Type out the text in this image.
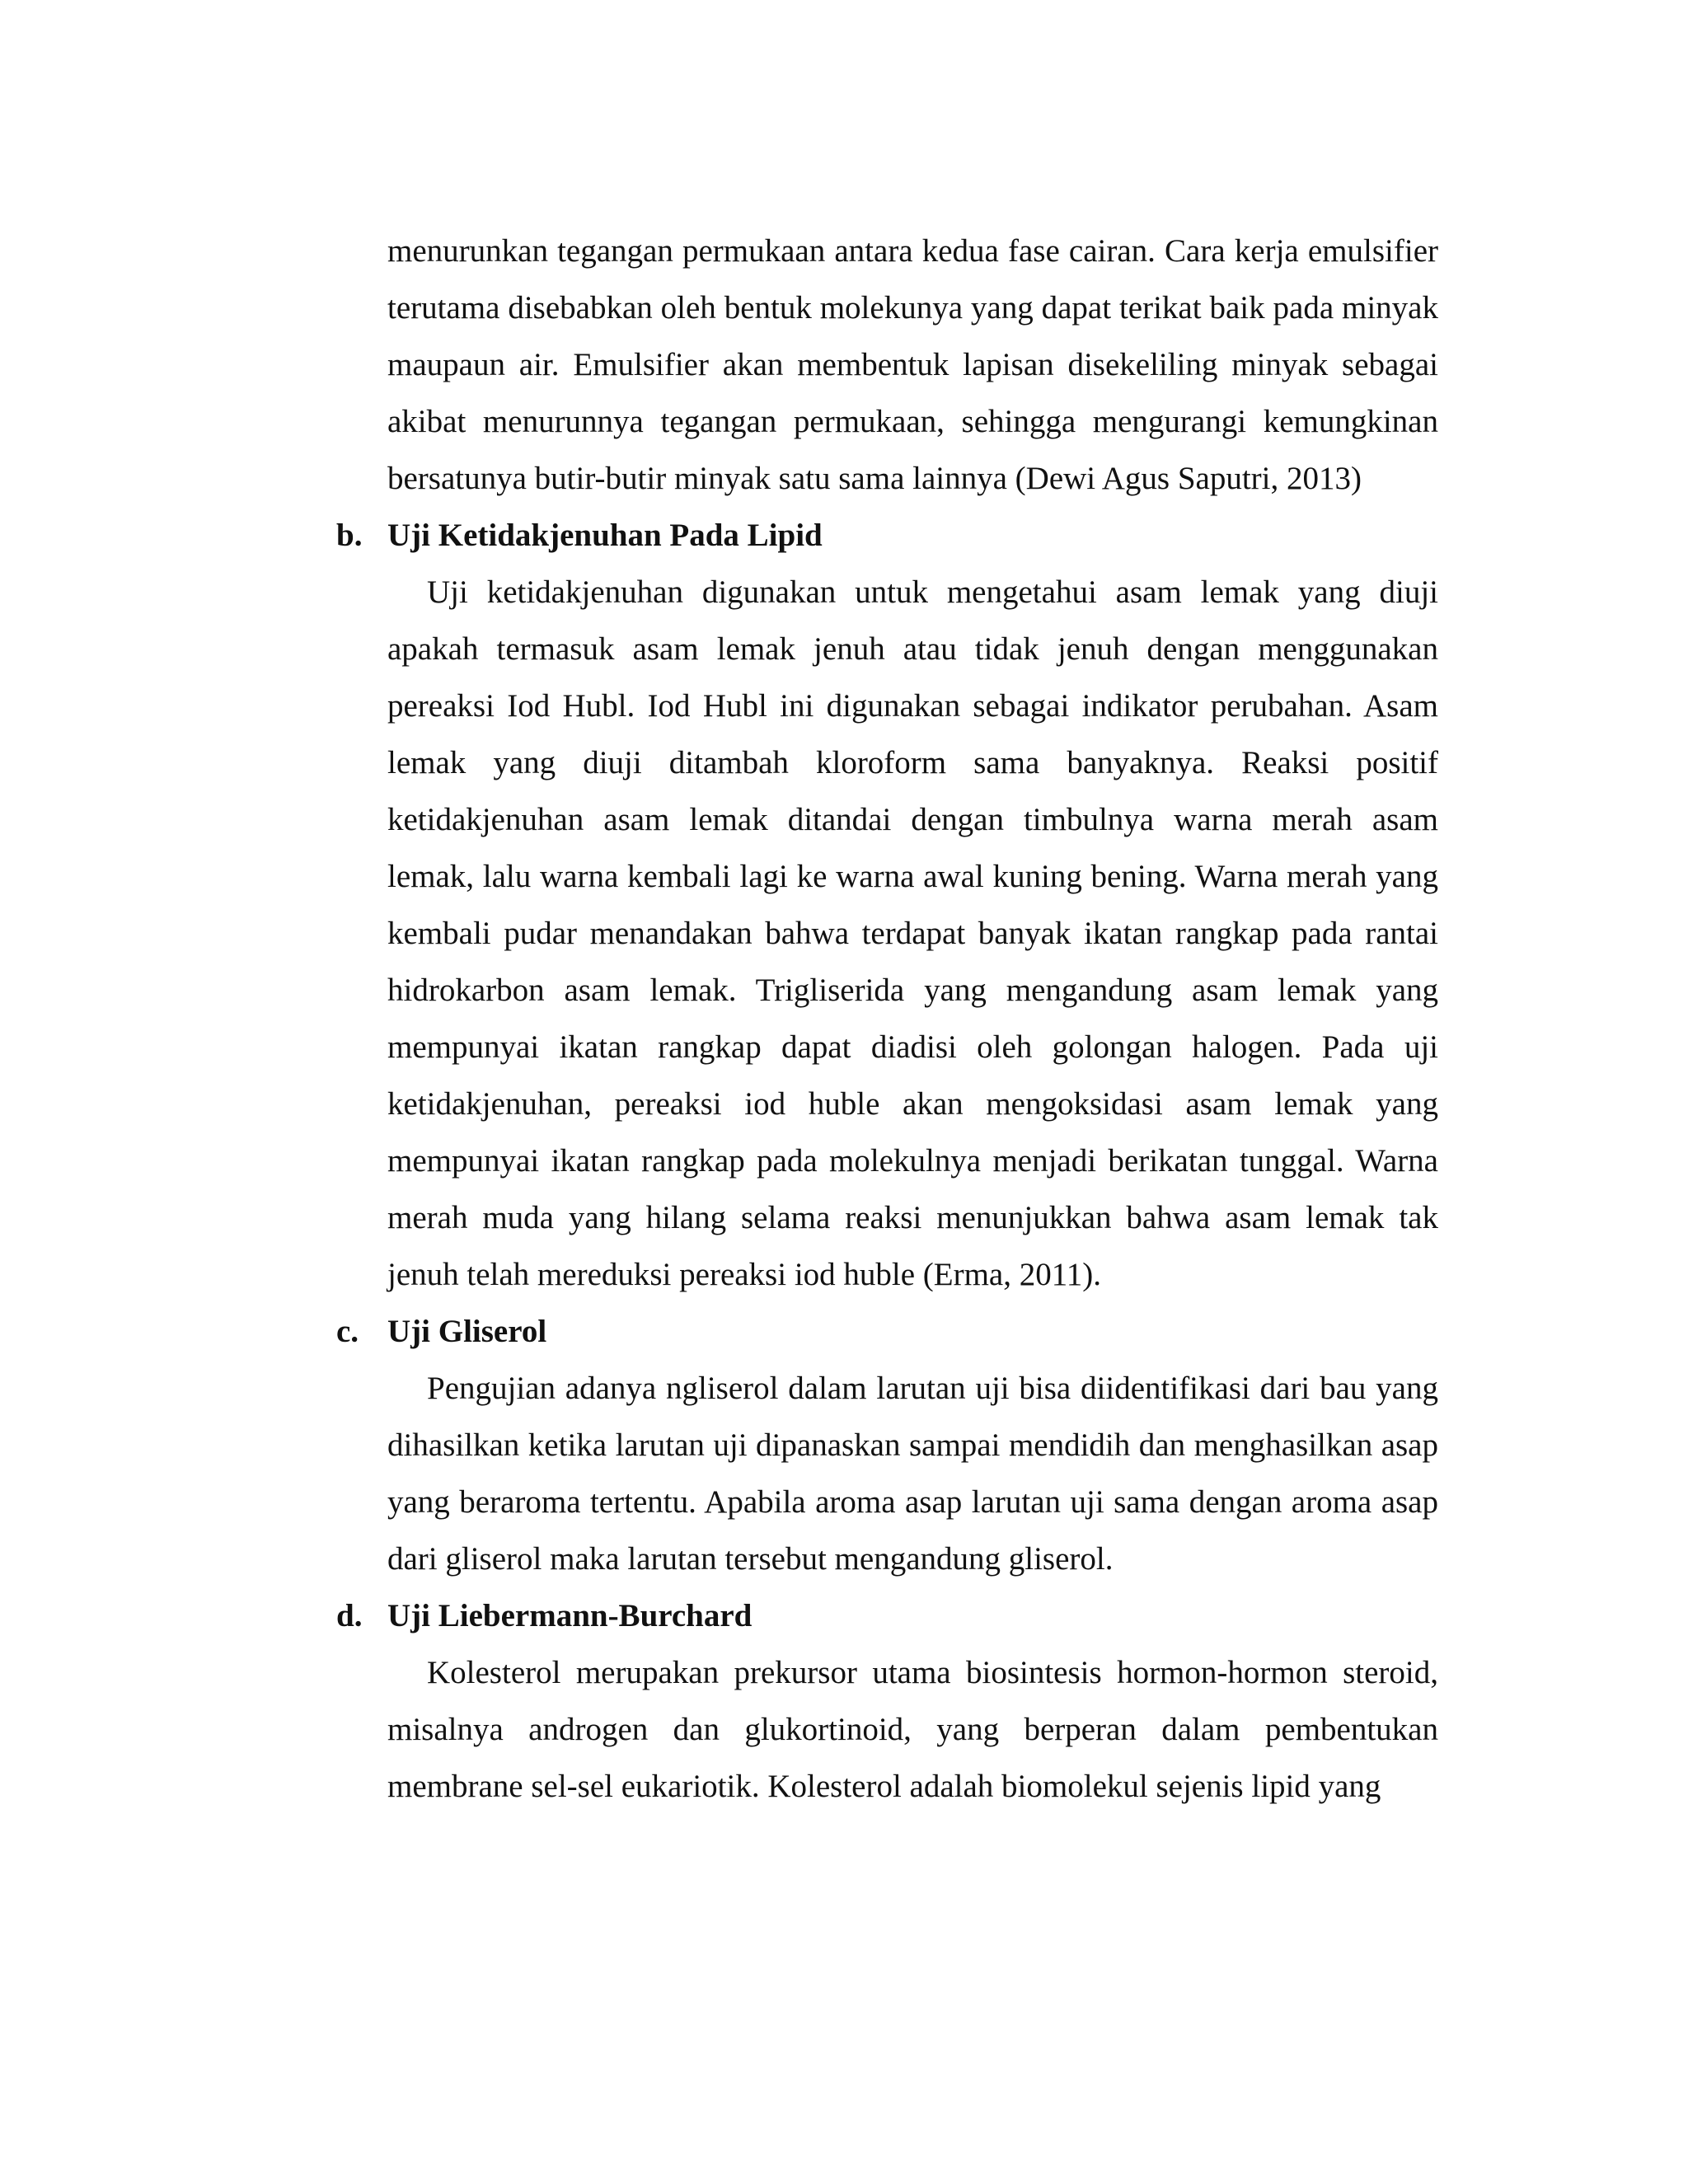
menurunkan tegangan permukaan antara kedua fase cairan. Cara kerja emulsifier terutama disebabkan oleh bentuk molekunya yang dapat terikat baik pada minyak maupaun air. Emulsifier akan membentuk lapisan disekeliling minyak sebagai akibat menurunnya tegangan permukaan, sehingga mengurangi kemungkinan bersatunya butir-butir minyak satu sama lainnya (Dewi Agus Saputri, 2013)

b. Uji Ketidakjenuhan Pada Lipid

Uji ketidakjenuhan digunakan untuk mengetahui asam lemak yang diuji apakah termasuk asam lemak jenuh atau tidak jenuh dengan menggunakan pereaksi Iod Hubl. Iod Hubl ini digunakan sebagai indikator perubahan. Asam lemak yang diuji ditambah kloroform sama banyaknya. Reaksi positif ketidakjenuhan asam lemak ditandai dengan timbulnya warna merah asam lemak, lalu warna kembali lagi ke warna awal kuning bening. Warna merah yang kembali pudar menandakan bahwa terdapat banyak ikatan rangkap pada rantai hidrokarbon asam lemak. Trigliserida yang mengandung asam lemak yang mempunyai ikatan rangkap dapat diadisi oleh golongan halogen. Pada uji ketidakjenuhan, pereaksi iod huble akan mengoksidasi asam lemak yang mempunyai ikatan rangkap pada molekulnya menjadi berikatan tunggal. Warna merah muda yang hilang selama reaksi menunjukkan bahwa asam lemak tak jenuh telah mereduksi pereaksi iod huble (Erma, 2011).

c. Uji Gliserol

Pengujian adanya ngliserol dalam larutan uji bisa diidentifikasi dari bau yang dihasilkan ketika larutan uji dipanaskan sampai mendidih dan menghasilkan asap yang beraroma tertentu. Apabila aroma asap larutan uji sama dengan aroma asap dari gliserol maka larutan tersebut mengandung gliserol.

d. Uji Liebermann-Burchard

Kolesterol merupakan prekursor utama biosintesis hormon-hormon steroid, misalnya androgen dan glukortinoid, yang berperan dalam pembentukan membrane sel-sel eukariotik. Kolesterol adalah biomolekul sejenis lipid yang
